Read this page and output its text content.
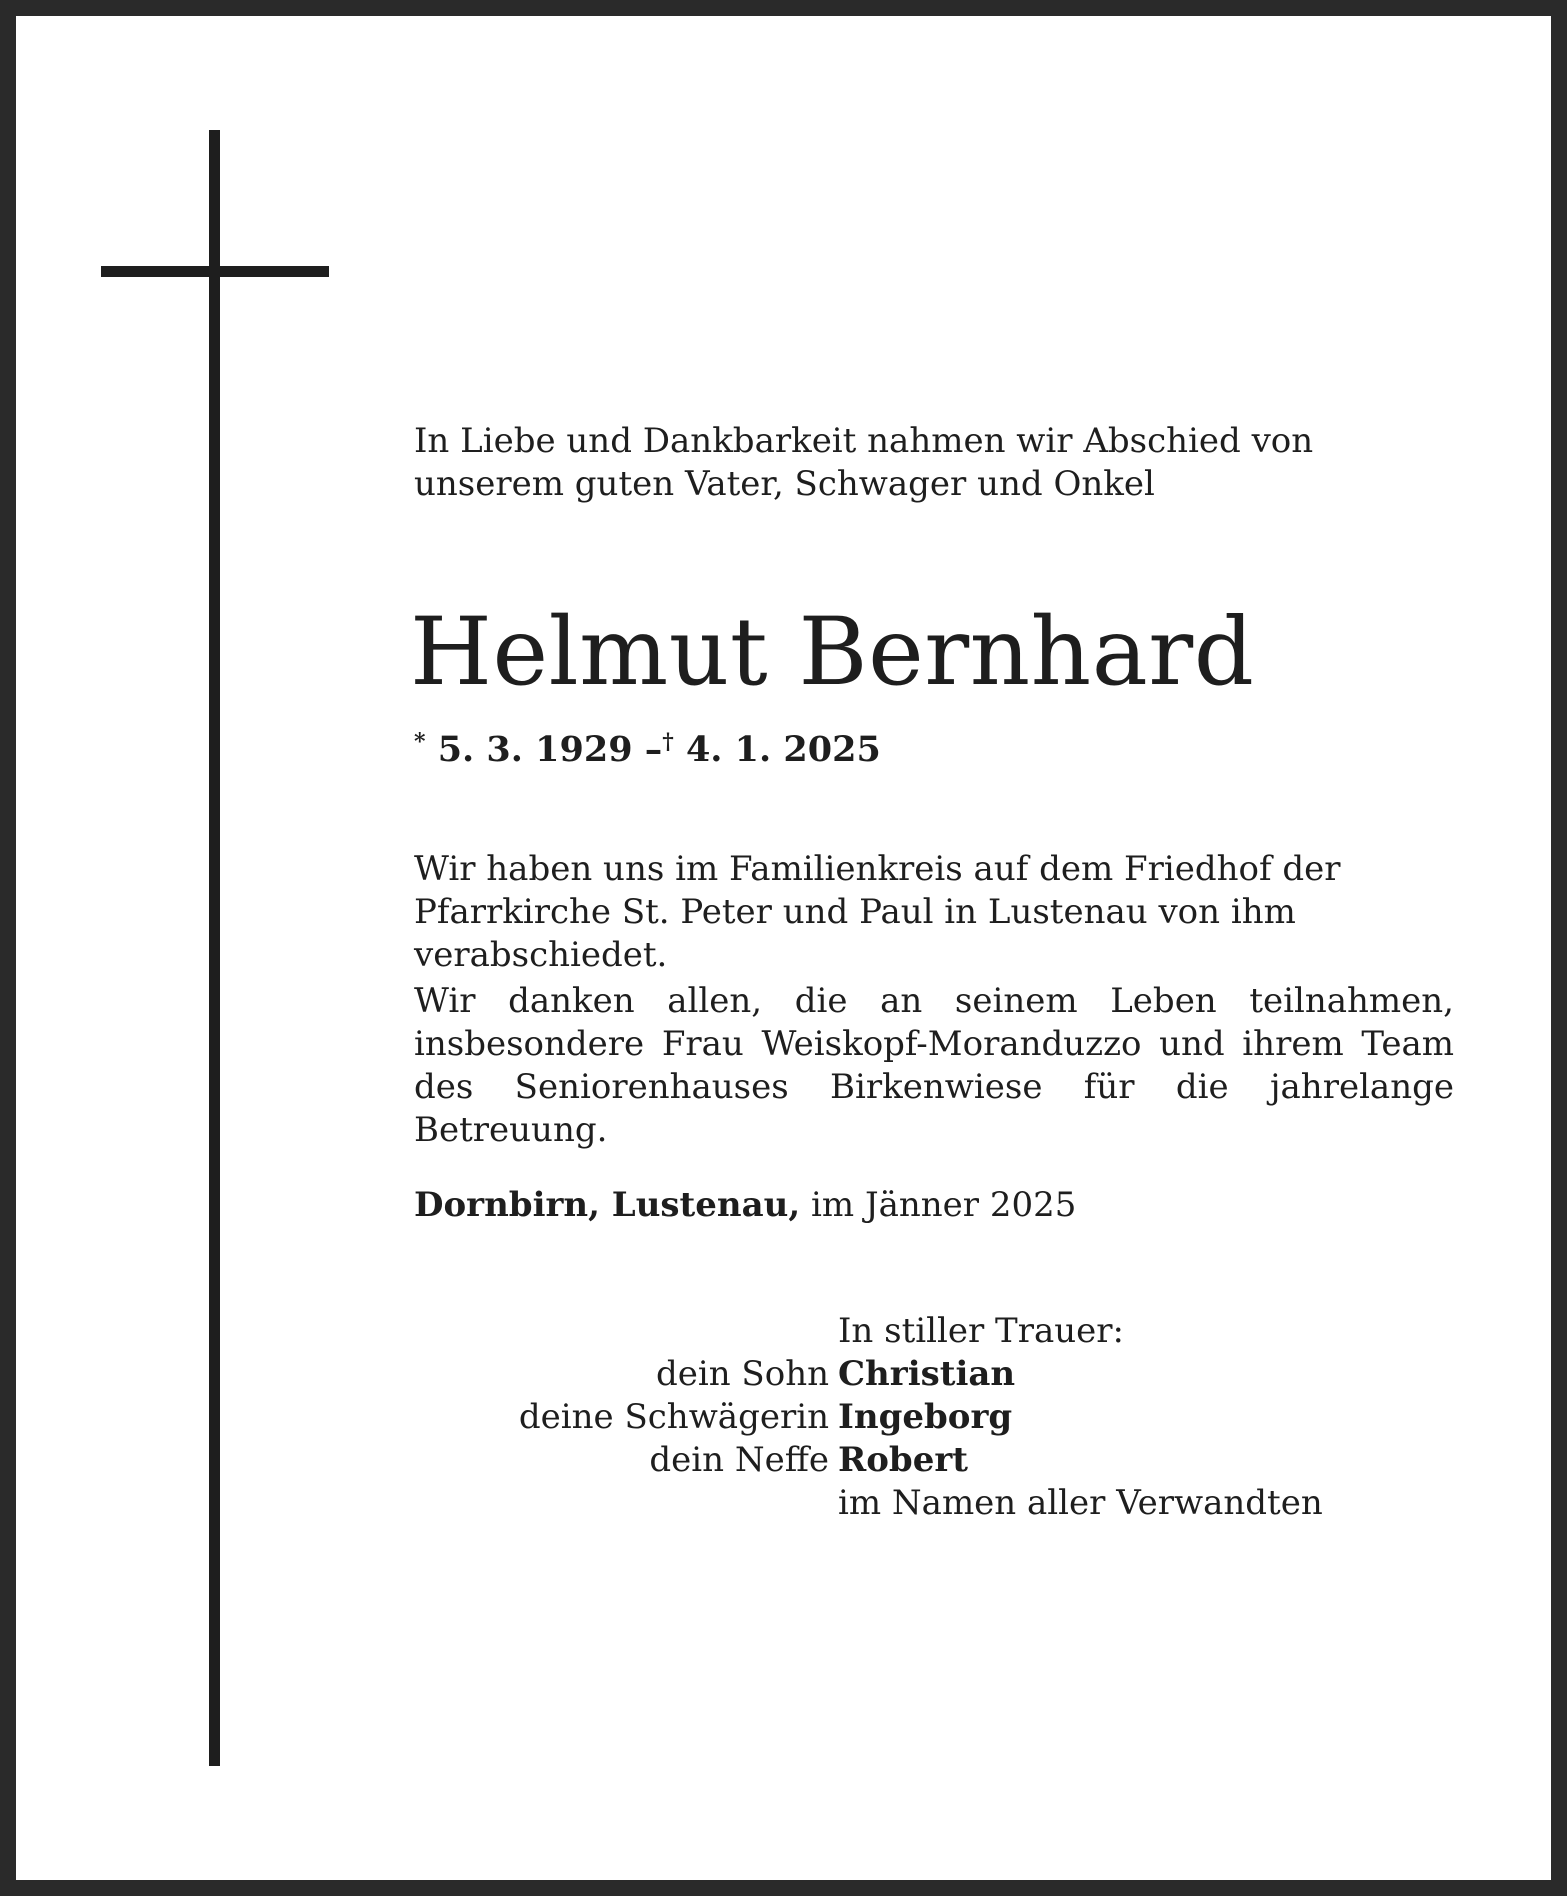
In Liebe und Dankbarkeit nahmen wir Abschied von unserem guten Vater, Schwager und Onkel

Helmut Bernhard
* 5. 3. 1929 –† 4. 1. 2025

Wir haben uns im Familienkreis auf dem Friedhof der Pfarrkirche St. Peter und Paul in Lustenau von ihm verabschiedet.

Wir danken allen, die an seinem Leben teilnahmen, insbesondere Frau Weiskopf-Moranduzzo und ihrem Team des Seniorenhauses Birkenwiese für die jahrelange Betreuung.

Dornbirn, Lustenau, im Jänner 2025
In stiller Trauer:
dein Sohn Christian
deine Schwägerin Ingeborg
dein Neffe Robert
im Namen aller Verwandten
